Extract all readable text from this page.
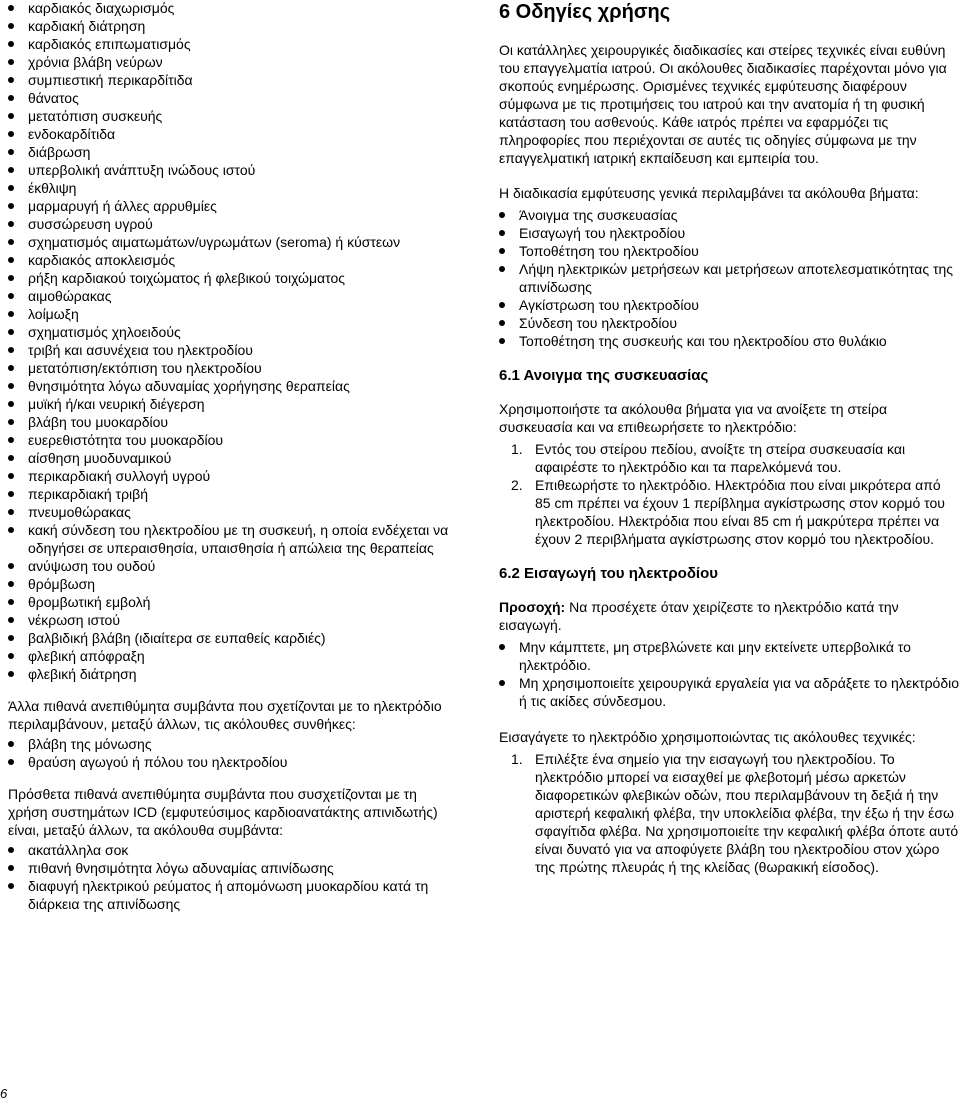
καρδιακός διαχωρισμός
καρδιακή διάτρηση
καρδιακός επιπωματισμός
χρόνια βλάβη νεύρων
συμπιεστική περικαρδίτιδα
θάνατος
μετατόπιση συσκευής
ενδοκαρδίτιδα
διάβρωση
υπερβολική ανάπτυξη ινώδους ιστού
έκθλιψη
μαρμαρυγή ή άλλες αρρυθμίες
συσσώρευση υγρού
σχηματισμός αιματωμάτων/υγρωμάτων (seroma) ή κύστεων
καρδιακός αποκλεισμός
ρήξη καρδιακού τοιχώματος ή φλεβικού τοιχώματος
αιμοθώρακας
λοίμωξη
σχηματισμός χηλοειδούς
τριβή και ασυνέχεια του ηλεκτροδίου
μετατόπιση/εκτόπιση του ηλεκτροδίου
θνησιμότητα λόγω αδυναμίας χορήγησης θεραπείας
μυϊκή ή/και νευρική διέγερση
βλάβη του μυοκαρδίου
ευερεθιστότητα του μυοκαρδίου
αίσθηση μυοδυναμικού
περικαρδιακή συλλογή υγρού
περικαρδιακή τριβή
πνευμοθώρακας
κακή σύνδεση του ηλεκτροδίου με τη συσκευή, η οποία ενδέχεται να οδηγήσει σε υπεραισθησία, υπαισθησία ή απώλεια της θεραπείας
ανύψωση του ουδού
θρόμβωση
θρομβωτική εμβολή
νέκρωση ιστού
βαλβιδική βλάβη (ιδιαίτερα σε ευπαθείς καρδιές)
φλεβική απόφραξη
φλεβική διάτρηση

Άλλα πιθανά ανεπιθύμητα συμβάντα που σχετίζονται με το ηλεκτρόδιο περιλαμβάνουν, μεταξύ άλλων, τις ακόλουθες συνθήκες:

βλάβη της μόνωσης
θραύση αγωγού ή πόλου του ηλεκτροδίου

Πρόσθετα πιθανά ανεπιθύμητα συμβάντα που συσχετίζονται με τη χρήση συστημάτων ICD (εμφυτεύσιμος καρδιοανατάκτης απινιδωτής) είναι, μεταξύ άλλων, τα ακόλουθα συμβάντα:

ακατάλληλα σοκ
πιθανή θνησιμότητα λόγω αδυναμίας απινίδωσης
διαφυγή ηλεκτρικού ρεύματος ή απομόνωση μυοκαρδίου κατά τη διάρκεια της απινίδωσης
6 Οδηγίες χρήσης

Οι κατάλληλες χειρουργικές διαδικασίες και στείρες τεχνικές είναι ευθύνη του επαγγελματία ιατρού. Οι ακόλουθες διαδικασίες παρέχονται μόνο για σκοπούς ενημέρωσης. Ορισμένες τεχνικές εμφύτευσης διαφέρουν σύμφωνα με τις προτιμήσεις του ιατρού και την ανατομία ή τη φυσική κατάσταση του ασθενούς. Κάθε ιατρός πρέπει να εφαρμόζει τις πληροφορίες που περιέχονται σε αυτές τις οδηγίες σύμφωνα με την επαγγελματική ιατρική εκπαίδευση και εμπειρία του.

Η διαδικασία εμφύτευσης γενικά περιλαμβάνει τα ακόλουθα βήματα:

Άνοιγμα της συσκευασίας
Εισαγωγή του ηλεκτροδίου
Τοποθέτηση του ηλεκτροδίου
Λήψη ηλεκτρικών μετρήσεων και μετρήσεων αποτελεσματικότητας της απινίδωσης
Αγκίστρωση του ηλεκτροδίου
Σύνδεση του ηλεκτροδίου
Τοποθέτηση της συσκευής και του ηλεκτροδίου στο θυλάκιο
6.1 Ανοιγμα της συσκευασίας

Χρησιμοποιήστε τα ακόλουθα βήματα για να ανοίξετε τη στείρα συσκευασία και να επιθεωρήσετε το ηλεκτρόδιο:

1. Εντός του στείρου πεδίου, ανοίξτε τη στείρα συσκευασία και αφαιρέστε το ηλεκτρόδιο και τα παρελκόμενά του.
2. Επιθεωρήστε το ηλεκτρόδιο. Ηλεκτρόδια που είναι μικρότερα από 85 cm πρέπει να έχουν 1 περίβλημα αγκίστρωσης στον κορμό του ηλεκτροδίου. Ηλεκτρόδια που είναι 85 cm ή μακρύτερα πρέπει να έχουν 2 περιβλήματα αγκίστρωσης στον κορμό του ηλεκτροδίου.
6.2 Εισαγωγή του ηλεκτροδίου

Προσοχή: Να προσέχετε όταν χειρίζεστε το ηλεκτρόδιο κατά την εισαγωγή.

Μην κάμπτετε, μη στρεβλώνετε και μην εκτείνετε υπερβολικά το ηλεκτρόδιο.
Μη χρησιμοποιείτε χειρουργικά εργαλεία για να αδράξετε το ηλεκτρόδιο ή τις ακίδες σύνδεσμου.

Εισαγάγετε το ηλεκτρόδιο χρησιμοποιώντας τις ακόλουθες τεχνικές:

1. Επιλέξτε ένα σημείο για την εισαγωγή του ηλεκτροδίου. Το ηλεκτρόδιο μπορεί να εισαχθεί με φλεβοτομή μέσω αρκετών διαφορετικών φλεβικών οδών, που περιλαμβάνουν τη δεξιά ή την αριστερή κεφαλική φλέβα, την υποκλείδια φλέβα, την έξω ή την έσω σφαγίτιδα φλέβα. Να χρησιμοποιείτε την κεφαλική φλέβα όποτε αυτό είναι δυνατό για να αποφύγετε βλάβη του ηλεκτροδίου στον χώρο της πρώτης πλευράς ή της κλείδας (θωρακική είσοδος).
6
